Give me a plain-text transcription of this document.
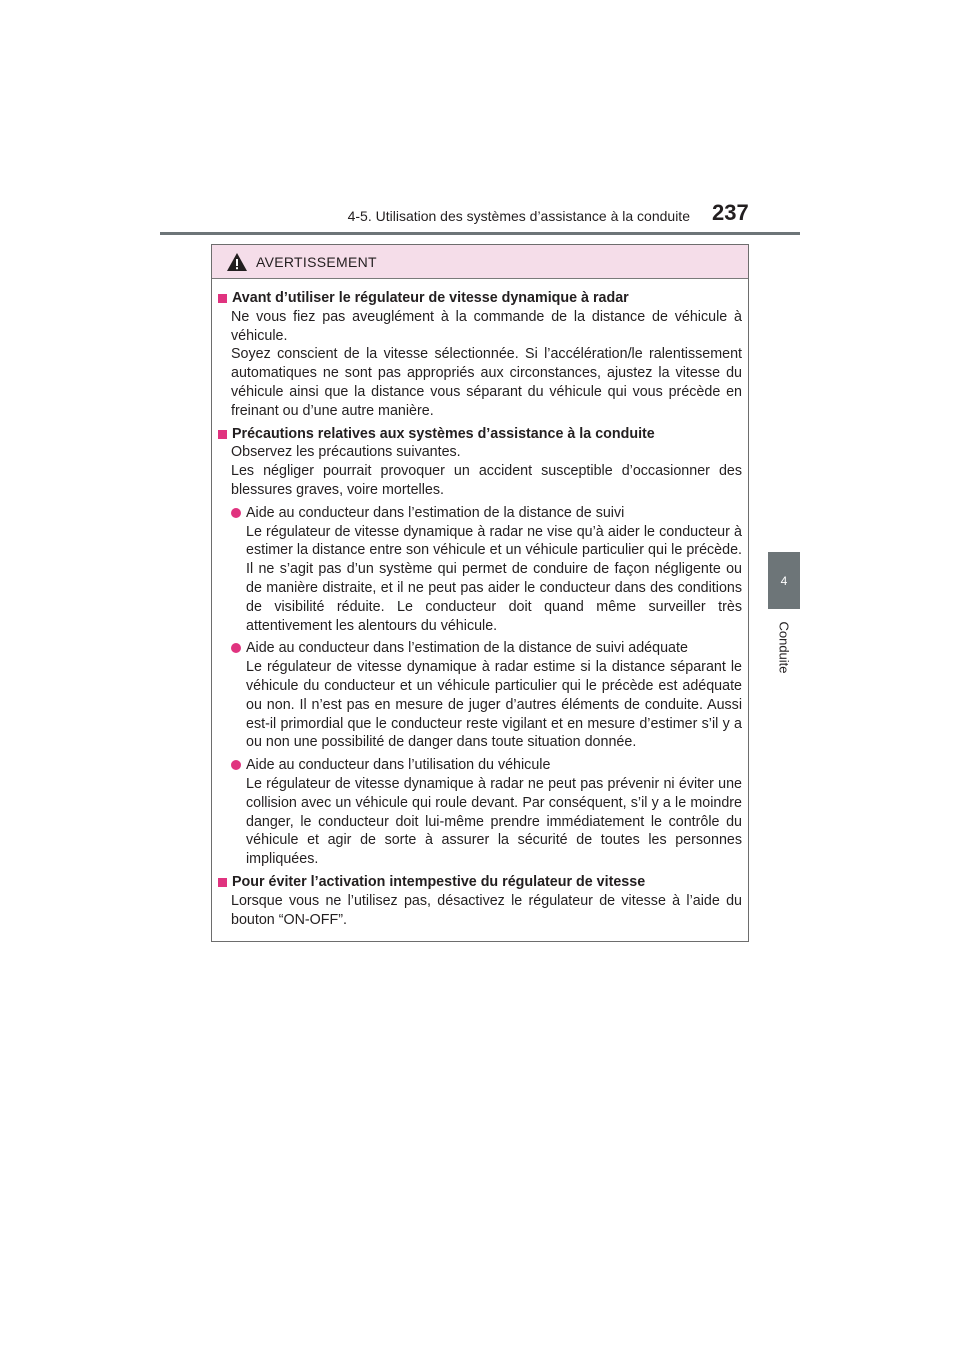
4-5. Utilisation des systèmes d’assistance à la conduite 237
4
Conduite
AVERTISSEMENT
Avant d’utiliser le régulateur de vitesse dynamique à radar
Ne vous fiez pas aveuglément à la commande de la distance de véhicule à véhicule.
Soyez conscient de la vitesse sélectionnée. Si l’accélération/le ralentissement automatiques ne sont pas appropriés aux circonstances, ajustez la vitesse du véhicule ainsi que la distance vous séparant du véhicule qui vous précède en freinant ou d’une autre manière.
Précautions relatives aux systèmes d’assistance à la conduite
Observez les précautions suivantes.
Les négliger pourrait provoquer un accident susceptible d’occasionner des blessures graves, voire mortelles.
Aide au conducteur dans l’estimation de la distance de suivi
Le régulateur de vitesse dynamique à radar ne vise qu’à aider le conducteur à estimer la distance entre son véhicule et un véhicule particulier qui le précède. Il ne s’agit pas d’un système qui permet de conduire de façon négligente ou de manière distraite, et il ne peut pas aider le conducteur dans des conditions de visibilité réduite. Le conducteur doit quand même surveiller très attentivement les alentours du véhicule.
Aide au conducteur dans l’estimation de la distance de suivi adéquate
Le régulateur de vitesse dynamique à radar estime si la distance séparant le véhicule du conducteur et un véhicule particulier qui le précède est adéquate ou non. Il n’est pas en mesure de juger d’autres éléments de conduite. Aussi est-il primordial que le conducteur reste vigilant et en mesure d’estimer s’il y a ou non une possibilité de danger dans toute situation donnée.
Aide au conducteur dans l’utilisation du véhicule
Le régulateur de vitesse dynamique à radar ne peut pas prévenir ni éviter une collision avec un véhicule qui roule devant. Par conséquent, s’il y a le moindre danger, le conducteur doit lui-même prendre immédiatement le contrôle du véhicule et agir de sorte à assurer la sécurité de toutes les personnes impliquées.
Pour éviter l’activation intempestive du régulateur de vitesse
Lorsque vous ne l’utilisez pas, désactivez le régulateur de vitesse à l’aide du bouton “ON-OFF”.
